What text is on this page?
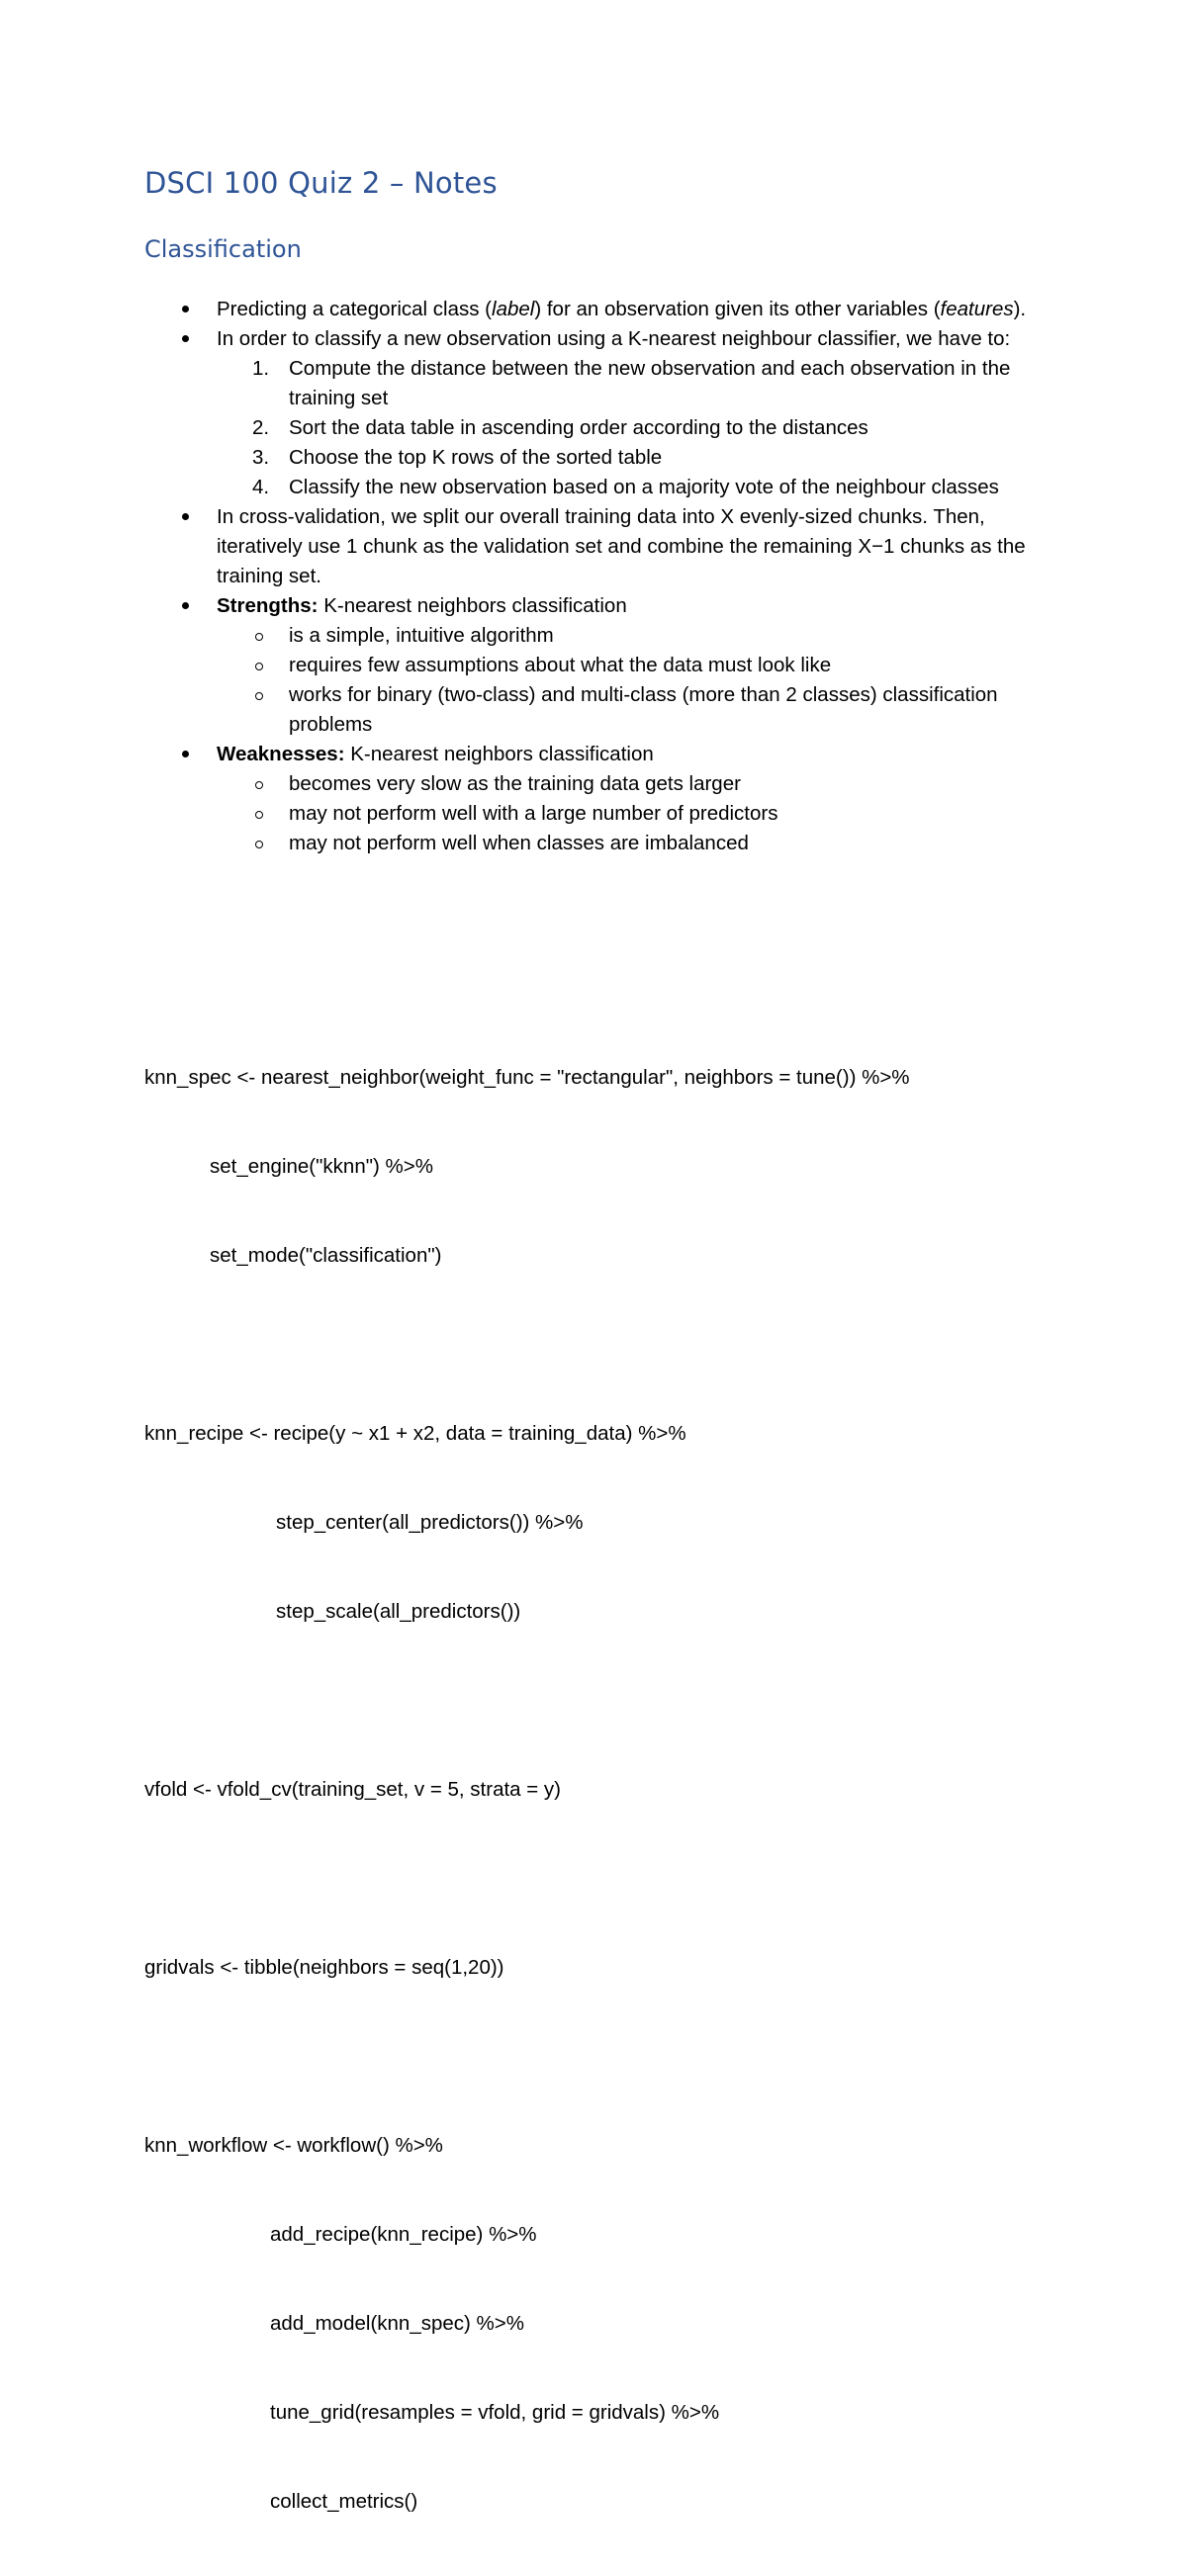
DSCI 100 Quiz 2 – Notes
Classification
Predicting a categorical class (label) for an observation given its other variables (features).
In order to classify a new observation using a K-nearest neighbour classifier, we have to:
1. Compute the distance between the new observation and each observation in the training set
2. Sort the data table in ascending order according to the distances
3. Choose the top K rows of the sorted table
4. Classify the new observation based on a majority vote of the neighbour classes
In cross-validation, we split our overall training data into X evenly-sized chunks. Then, iteratively use 1 chunk as the validation set and combine the remaining X−1 chunks as the training set.
Strengths: K-nearest neighbors classification
is a simple, intuitive algorithm
requires few assumptions about what the data must look like
works for binary (two-class) and multi-class (more than 2 classes) classification problems
Weaknesses: K-nearest neighbors classification
becomes very slow as the training data gets larger
may not perform well with a large number of predictors
may not perform well when classes are imbalanced

knn_spec <- nearest_neighbor(weight_func = "rectangular", neighbors = tune()) %>%

set_engine("kknn") %>%

set_mode("classification")

knn_recipe <- recipe(y ~ x1 + x2, data = training_data) %>%

step_center(all_predictors()) %>%

step_scale(all_predictors())

vfold <- vfold_cv(training_set, v = 5, strata = y)

gridvals <- tibble(neighbors = seq(1,20))

knn_workflow <- workflow() %>%

add_recipe(knn_recipe) %>%

add_model(knn_spec) %>%

tune_grid(resamples = vfold, grid = gridvals) %>%

collect_metrics()
